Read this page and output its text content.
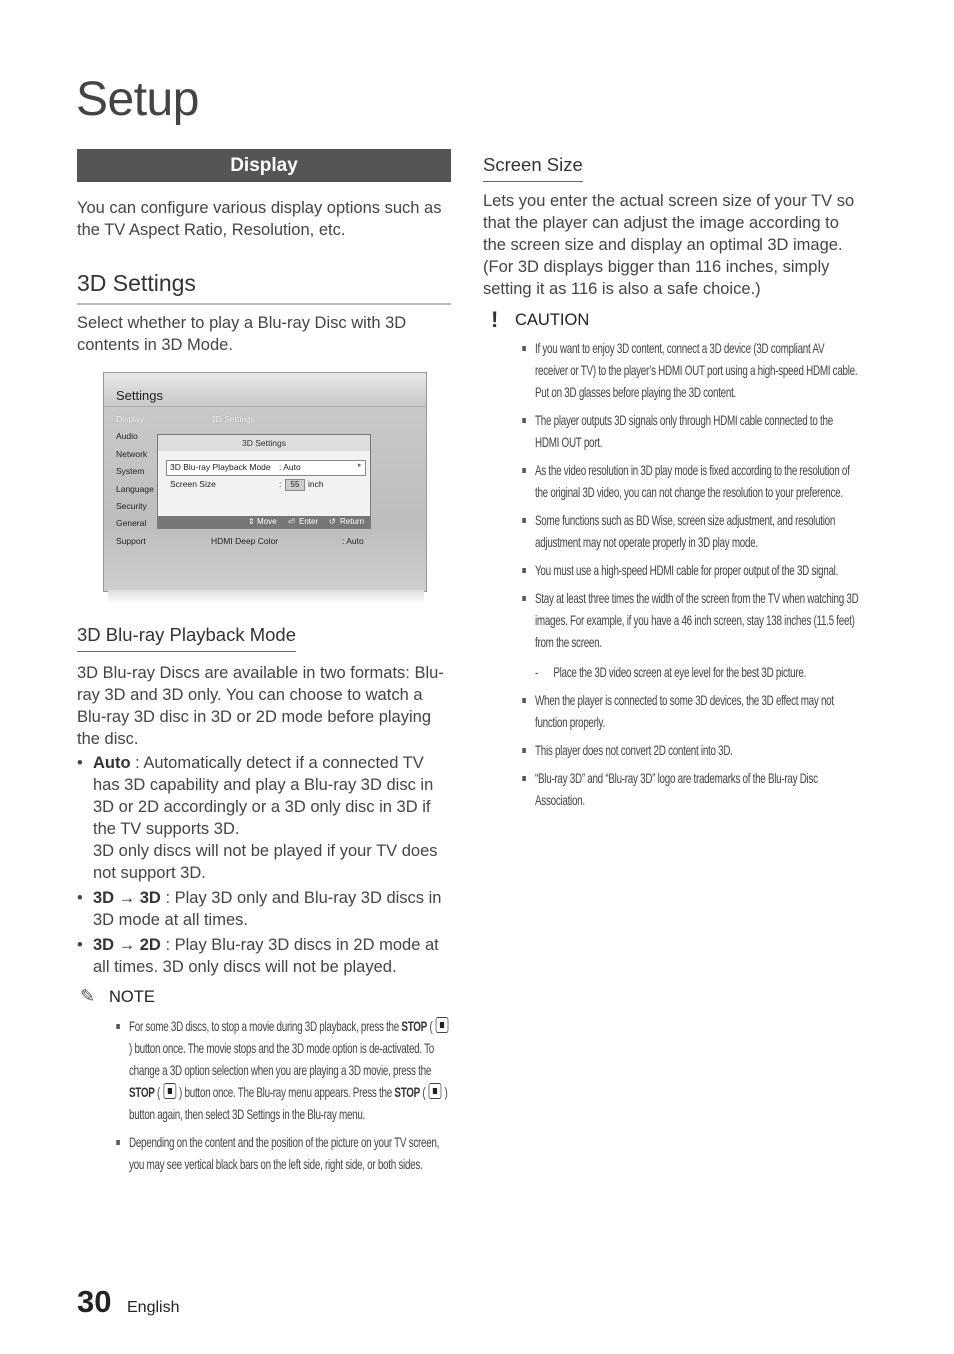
Setup
Display

You can configure various display options such as the TV Aspect Ratio, Resolution, etc.

3D Settings

Select whether to play a Blu-ray Disc with 3D contents in 3D Mode.

Settings
Display
Audio
Network
System
Language
Security
General
Support
3D Settings
HDMI Deep Color	: Auto
3D Settings
3D Blu-ray Playback Mode : Auto	▸
Screen Size	:	55	inch
⇕ Move ⏎ Enter ↺ Return
3D Blu-ray Playback Mode

3D Blu-ray Discs are available in two formats: Blu-ray 3D and 3D only. You can choose to watch a Blu-ray 3D disc in 3D or 2D mode before playing the disc.

• Auto : Automatically detect if a connected TV has 3D capability and play a Blu-ray 3D disc in 3D or 2D accordingly or a 3D only disc in 3D if the TV supports 3D.
3D only discs will not be played if your TV does not support 3D.
• 3D → 3D : Play 3D only and Blu-ray 3D discs in 3D mode at all times.
• 3D → 2D : Play Blu-ray 3D discs in 2D mode at all times. 3D only discs will not be played.
✎ NOTE
For some 3D discs, to stop a movie during 3D playback, press the STOP (  ) button once. The movie stops and the 3D mode option is de-activated. To change a 3D option selection when you are playing a 3D movie, press the STOP (  ) button once. The Blu-ray menu appears. Press the STOP (  ) button again, then select 3D Settings in the Blu-ray menu.
Depending on the content and the position of the picture on your TV screen, you may see vertical black bars on the left side, right side, or both sides.
Screen Size

Lets you enter the actual screen size of your TV so that the player can adjust the image according to the screen size and display an optimal 3D image. (For 3D displays bigger than 116 inches, simply setting it as 116 is also a safe choice.)

! CAUTION
If you want to enjoy 3D content, connect a 3D device (3D compliant AV receiver or TV) to the player’s HDMI OUT port using a high-speed HDMI cable. Put on 3D glasses before playing the 3D content.
The player outputs 3D signals only through HDMI cable connected to the HDMI OUT port.
As the video resolution in 3D play mode is fixed according to the resolution of the original 3D video, you can not change the resolution to your preference.
Some functions such as BD Wise, screen size adjustment, and resolution adjustment may not operate properly in 3D play mode.
You must use a high-speed HDMI cable for proper output of the 3D signal.
Stay at least three times the width of the screen from the TV when watching 3D images. For example, if you have a 46 inch screen, stay 138 inches (11.5 feet) from the screen.
- Place the 3D video screen at eye level for the best 3D picture.
When the player is connected to some 3D devices, the 3D effect may not function properly.
This player does not convert 2D content into 3D.
“Blu-ray 3D” and “Blu-ray 3D” logo are trademarks of the Blu-ray Disc Association.
30 English
